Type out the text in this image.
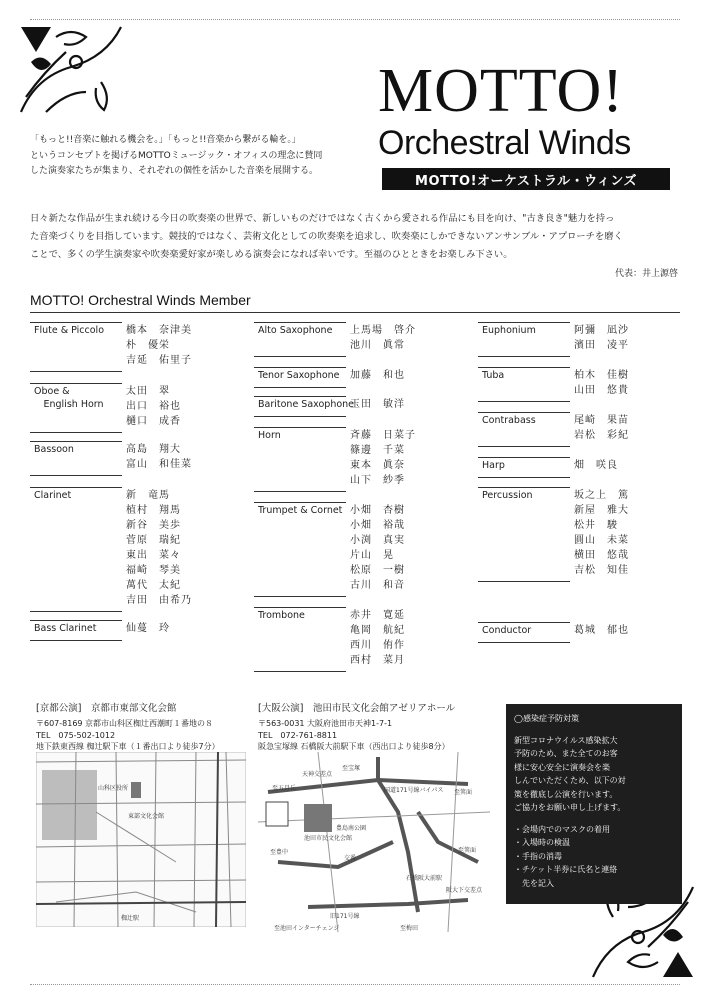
MOTTO!
Orchestral Winds
MOTTO!オーケストラル・ウィンズ

「もっと!!音楽に触れる機会を。」「もっと!!音楽から繋がる輪を。」

というコンセプトを掲げるMOTTOミュージック・オフィスの理念に賛同

した演奏家たちが集まり、それぞれの個性を活かした音楽を展開する。

日々新たな作品が生まれ続ける今日の吹奏楽の世界で、新しいものだけではなく古くから愛される作品にも目を向け、"古き良き"魅力を持っ

た音楽づくりを目指しています。競技的ではなく、芸術文化としての吹奏楽を追求し、吹奏楽にしかできないアンサンブル・アプローチを磨く

ことで、多くの学生演奏家や吹奏楽愛好家が楽しめる演奏会になれば幸いです。至福のひとときをお楽しみ下さい。

代表：井上源啓
MOTTO! Orchestral Winds Member
Flute & Piccolo 橋本　奈津美
朴　優栄
吉延　佑里子
Oboe &
　English Horn
太田　翠
出口　裕也
樋口　成香
Bassoon	高島　翔大
富山　和佳菜
Clarinet	新　竜馬
植村　翔馬
新谷　美歩
菅原　瑞紀
東出　菜々
福崎　琴美
萬代　太紀
吉田　由希乃
Bass Clarinet	仙蔓　玲
Alto Saxophone 上馬場　啓介
池川　眞常
Tenor Saxophone 加藤　和也
Baritone Saxophone
玉田　敏洋
Horn	斉藤　日菜子
篠邊　千菜
東本　眞奈
山下　紗季
Trumpet & Cornet 小畑　杏樹
小畑　裕哉
小渕　真実
片山　晃
松原　一樹
古川　和音
Trombone	赤井　寛延
亀岡　航紀
西川　侑作
西村　菜月
Euphonium	阿彌　凪沙
濱田　凌平
Tuba	柏木　佳樹
山田　悠貴
Contrabass	尾崎　果苗
岩松　彩紀
Harp	畑　咲良
Percussion	坂之上　篤
新屋　雅大
松井　駿
圓山　未菜
横田　悠哉
吉松　知佳
Conductor	葛城　郁也
[京都公演]　京都市東部文化会館
〒607-8169 京都市山科区椥辻西潮町１番地の８
TEL　075-502-1012
地下鉄東西線 椥辻駅下車（１番出口より徒歩7分）
[大阪公演]　池田市民文化会館アゼリアホール
〒563-0031 大阪府池田市天神1-7-1
TEL　072-761-8811
阪急宝塚線 石橋阪大前駅下車（西出口より徒歩8分）
山科区役所
東部文化会館
椥辻駅
天神交差点
至宝塚
至五月丘	国道171号線バイパス 至箕面
至豊中
池田市民文化会館
豊島南公園
交番
至箕面
石橋阪大前駅
阪大下交差点
旧171号線
至池田インターチェンジ	至梅田
◯感染症予防対策
新型コロナウイルス感染拡大
予防のため、また全てのお客
様に安心安全に演奏会を楽
しんでいただくため、以下の対
策を徹底し公演を行います。
ご協力をお願い申し上げます。
・会場内でのマスクの着用
・入場時の検温
・手指の消毒
・チケット半券に氏名と連絡
　先を記入
